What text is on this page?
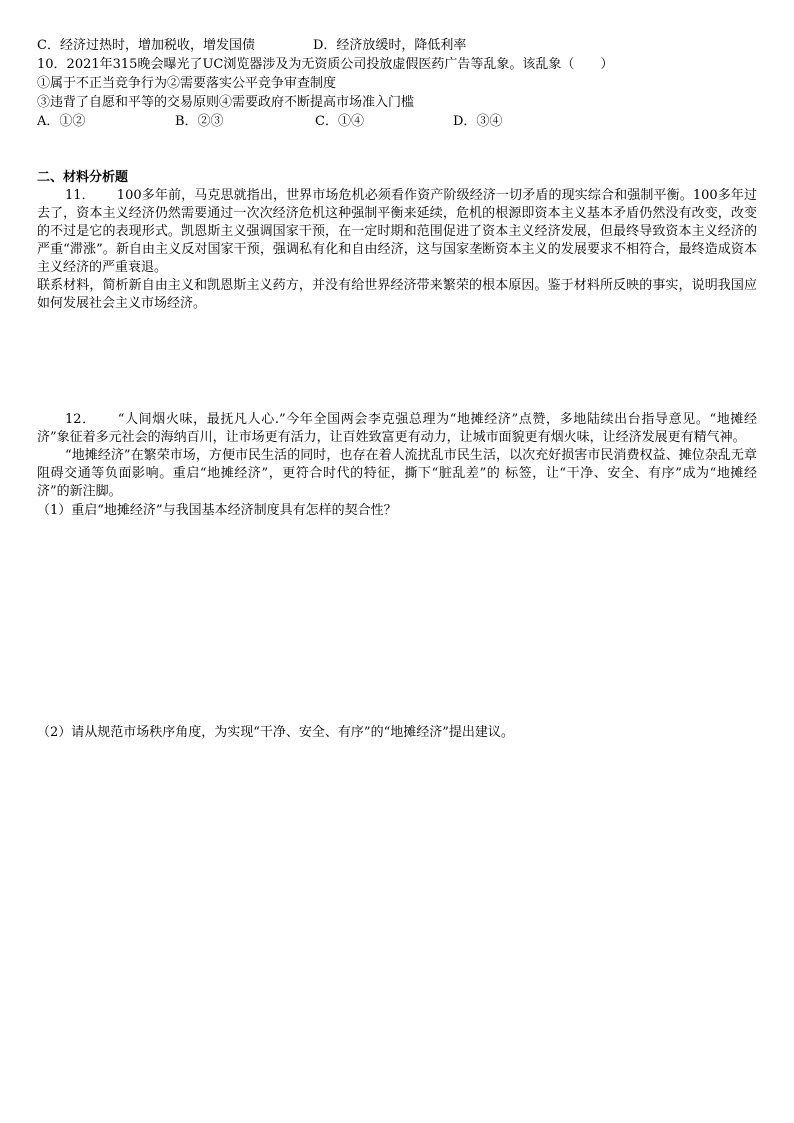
C．经济过热时，增加税收，增发国债	D．经济放缓时，降低利率
10．2021年315晚会曝光了UC浏览器涉及为无资质公司投放虚假医药广告等乱象。该乱象（　　）
①属于不正当竞争行为②需要落实公平竞争审查制度
③违背了自愿和平等的交易原则④需要政府不断提高市场准入门槛
A．①②	B．②③	C．①④	D．③④
二、材料分析题
11． 100多年前，马克思就指出，世界市场危机必须看作资产阶级经济一切矛盾的现实综合和强制平衡。100多年过去了，资本主义经济仍然需要通过一次次经济危机这种强制平衡来延续，危机的根源即资本主义基本矛盾仍然没有改变，改变的不过是它的表现形式。凯恩斯主义强调国家干预，在一定时期和范围促进了资本主义经济发展，但最终导致资本主义经济的严重“滞涨”。新自由主义反对国家干预，强调私有化和自由经济，这与国家垄断资本主义的发展要求不相符合，最终造成资本主义经济的严重衰退。
联系材料，简析新自由主义和凯恩斯主义药方，并没有给世界经济带来繁荣的根本原因。鉴于材料所反映的事实，说明我国应如何发展社会主义市场经济。
12． “人间烟火味，最抚凡人心.”今年全国两会李克强总理为“地摊经济”点赞，多地陆续出台指导意见。“地摊经济”象征着多元社会的海纳百川，让市场更有活力，让百姓致富更有动力，让城市面貌更有烟火味，让经济发展更有精气神。
“地摊经济”在繁荣市场，方便市民生活的同时，也存在着人流扰乱市民生活，以次充好损害市民消费权益、摊位杂乱无章阻碍交通等负面影响。重启“地摊经济”，更符合时代的特征，撕下“脏乱差”的 标签，让“干净、安全、有序”成为“地摊经济”的新注脚。
（1）重启“地摊经济”与我国基本经济制度具有怎样的契合性？
（2）请从规范市场秩序角度，为实现“干净、安全、有序”的“地摊经济”提出建议。
